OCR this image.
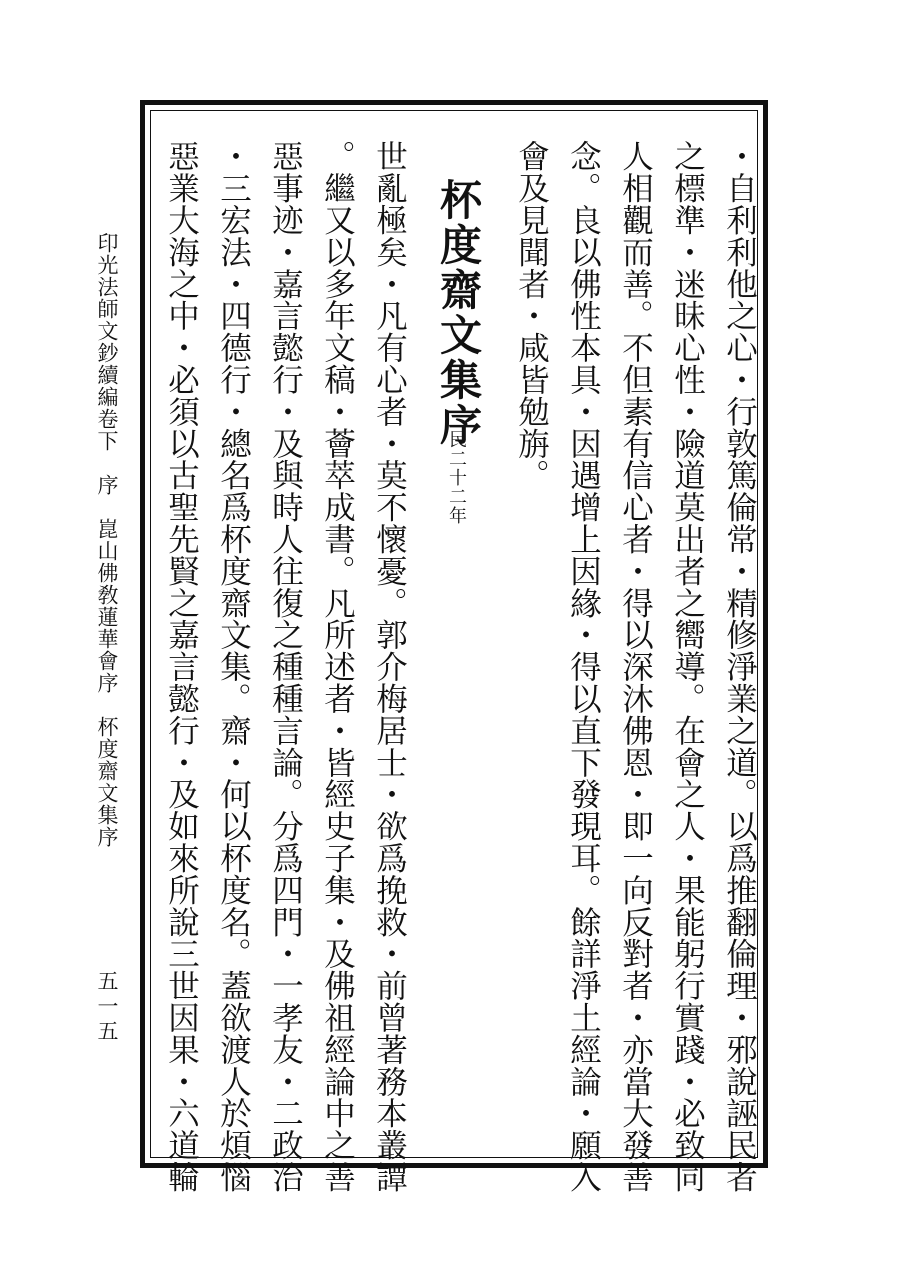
印光法師文鈔續編卷下　序　崑山佛敎蓮華會序　杯度齋文集序
五一五	・自利利他之心・行敦篤倫常・精修淨業之道。以爲推翻倫理・邪說誣民者
之標準・迷昧心性・險道莫出者之嚮導。在會之人・果能躬行實踐・必致同
人相觀而善。不但素有信心者・得以深沐佛恩・即一向反對者・亦當大發善
念。良以佛性本具・因遇增上因緣・得以直下發現耳。餘詳淨土經論・願入
會及見聞者・咸皆勉旃。
杯度齋文集序
民二十二年
世亂極矣・凡有心者・莫不懷憂。郭介梅居士・欲爲挽救・前曾著務本叢譚
。繼又以多年文稿・薈萃成書。凡所述者・皆經史子集・及佛祖經論中之善
惡事迹・嘉言懿行・及與時人往復之種種言論。分爲四門・一孝友・二政治
・三宏法・四德行・總名爲杯度齋文集。齋・何以杯度名。蓋欲渡人於煩惱
惡業大海之中・必須以古聖先賢之嘉言懿行・及如來所說三世因果・六道輪
